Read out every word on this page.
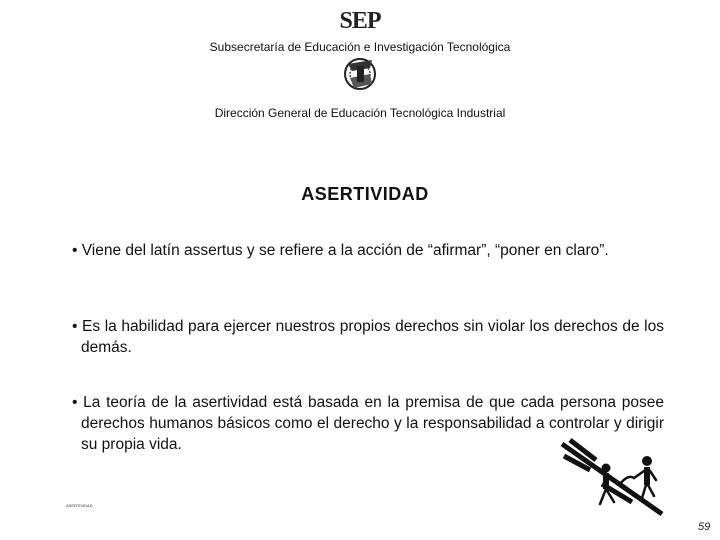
SEP
Subsecretaría de Educación e Investigación Tecnológica
Dirección General de Educación Tecnológica Industrial
ASERTIVIDAD
• Viene del latín assertus y se refiere a la acción de “afirmar”, “poner en claro”.
• Es la habilidad para ejercer nuestros propios derechos sin violar los derechos de los demás.
• La teoría de la asertividad está basada en la premisa de que cada persona posee derechos humanos básicos como el derecho y la responsabilidad a controlar y dirigir su propia vida.
ASERTIVIDAD
59
